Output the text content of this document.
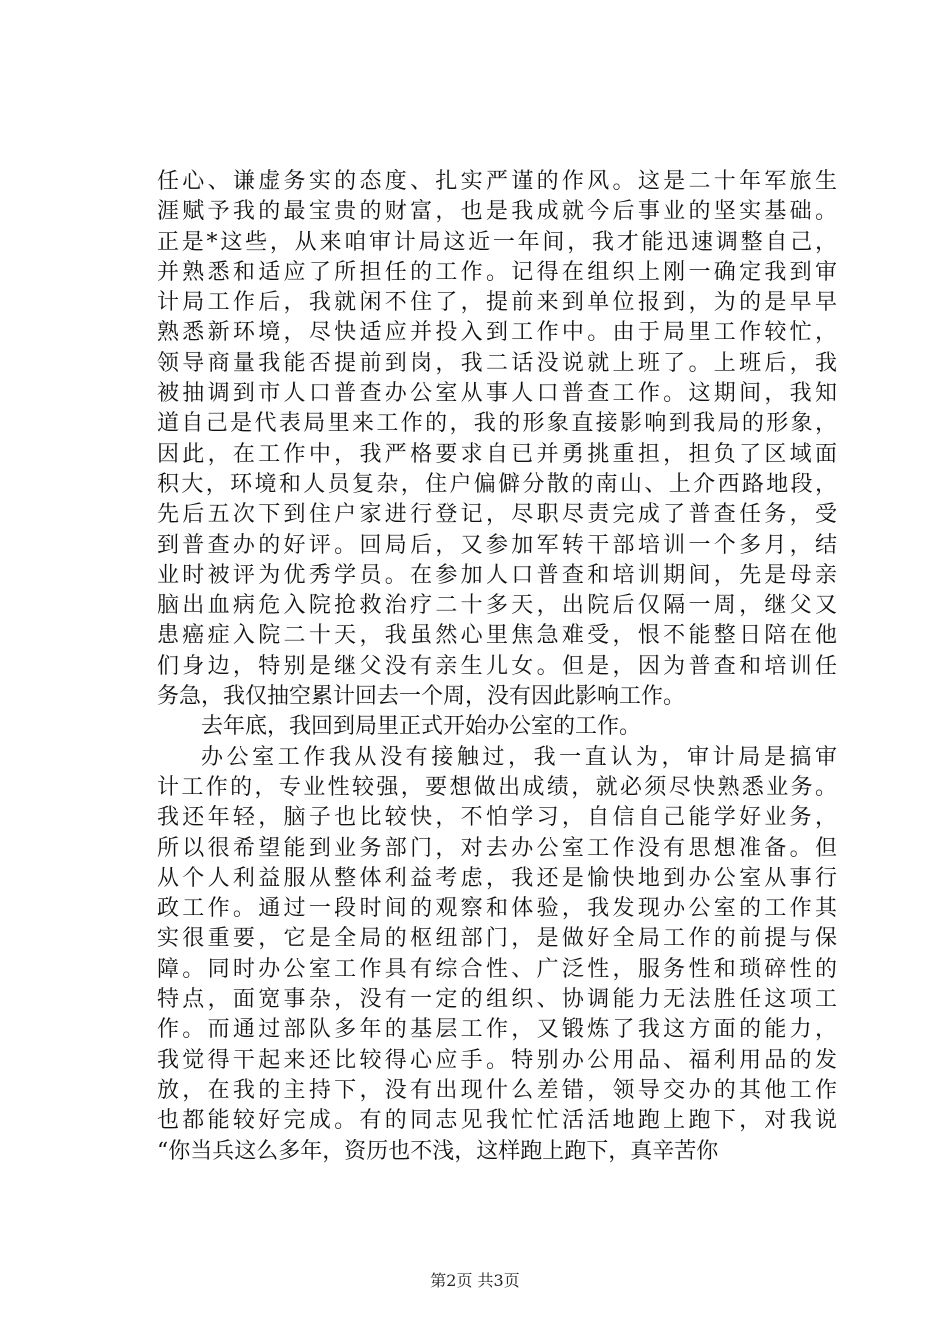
任心、谦虚务实的态度、扎实严谨的作风。这是二十年军旅生
涯赋予我的最宝贵的财富，也是我成就今后事业的坚实基础。
正是*这些，从来咱审计局这近一年间，我才能迅速调整自己，
并熟悉和适应了所担任的工作。记得在组织上刚一确定我到审
计局工作后，我就闲不住了，提前来到单位报到，为的是早早
熟悉新环境，尽快适应并投入到工作中。由于局里工作较忙，
领导商量我能否提前到岗，我二话没说就上班了。上班后，我
被抽调到市人口普查办公室从事人口普查工作。这期间，我知
道自己是代表局里来工作的，我的形象直接影响到我局的形象，
因此，在工作中，我严格要求自已并勇挑重担，担负了区域面
积大，环境和人员复杂，住户偏僻分散的南山、上介西路地段，
先后五次下到住户家进行登记，尽职尽责完成了普查任务，受
到普查办的好评。回局后，又参加军转干部培训一个多月，结
业时被评为优秀学员。在参加人口普查和培训期间，先是母亲
脑出血病危入院抢救治疗二十多天，出院后仅隔一周，继父又
患癌症入院二十天，我虽然心里焦急难受，恨不能整日陪在他
们身边，特别是继父没有亲生儿女。但是，因为普查和培训任
务急，我仅抽空累计回去一个周，没有因此影响工作。
去年底，我回到局里正式开始办公室的工作。
办公室工作我从没有接触过，我一直认为，审计局是搞审
计工作的，专业性较强，要想做出成绩，就必须尽快熟悉业务。
我还年轻，脑子也比较快，不怕学习，自信自己能学好业务，
所以很希望能到业务部门，对去办公室工作没有思想准备。但
从个人利益服从整体利益考虑，我还是愉快地到办公室从事行
政工作。通过一段时间的观察和体验，我发现办公室的工作其
实很重要，它是全局的枢纽部门，是做好全局工作的前提与保
障。同时办公室工作具有综合性、广泛性，服务性和琐碎性的
特点，面宽事杂，没有一定的组织、协调能力无法胜任这项工
作。而通过部队多年的基层工作，又锻炼了我这方面的能力，
我觉得干起来还比较得心应手。特别办公用品、福利用品的发
放，在我的主持下，没有出现什么差错，领导交办的其他工作
也都能较好完成。有的同志见我忙忙活活地跑上跑下，对我说
“你当兵这么多年，资历也不浅，这样跑上跑下，真辛苦你
第2页 共3页
